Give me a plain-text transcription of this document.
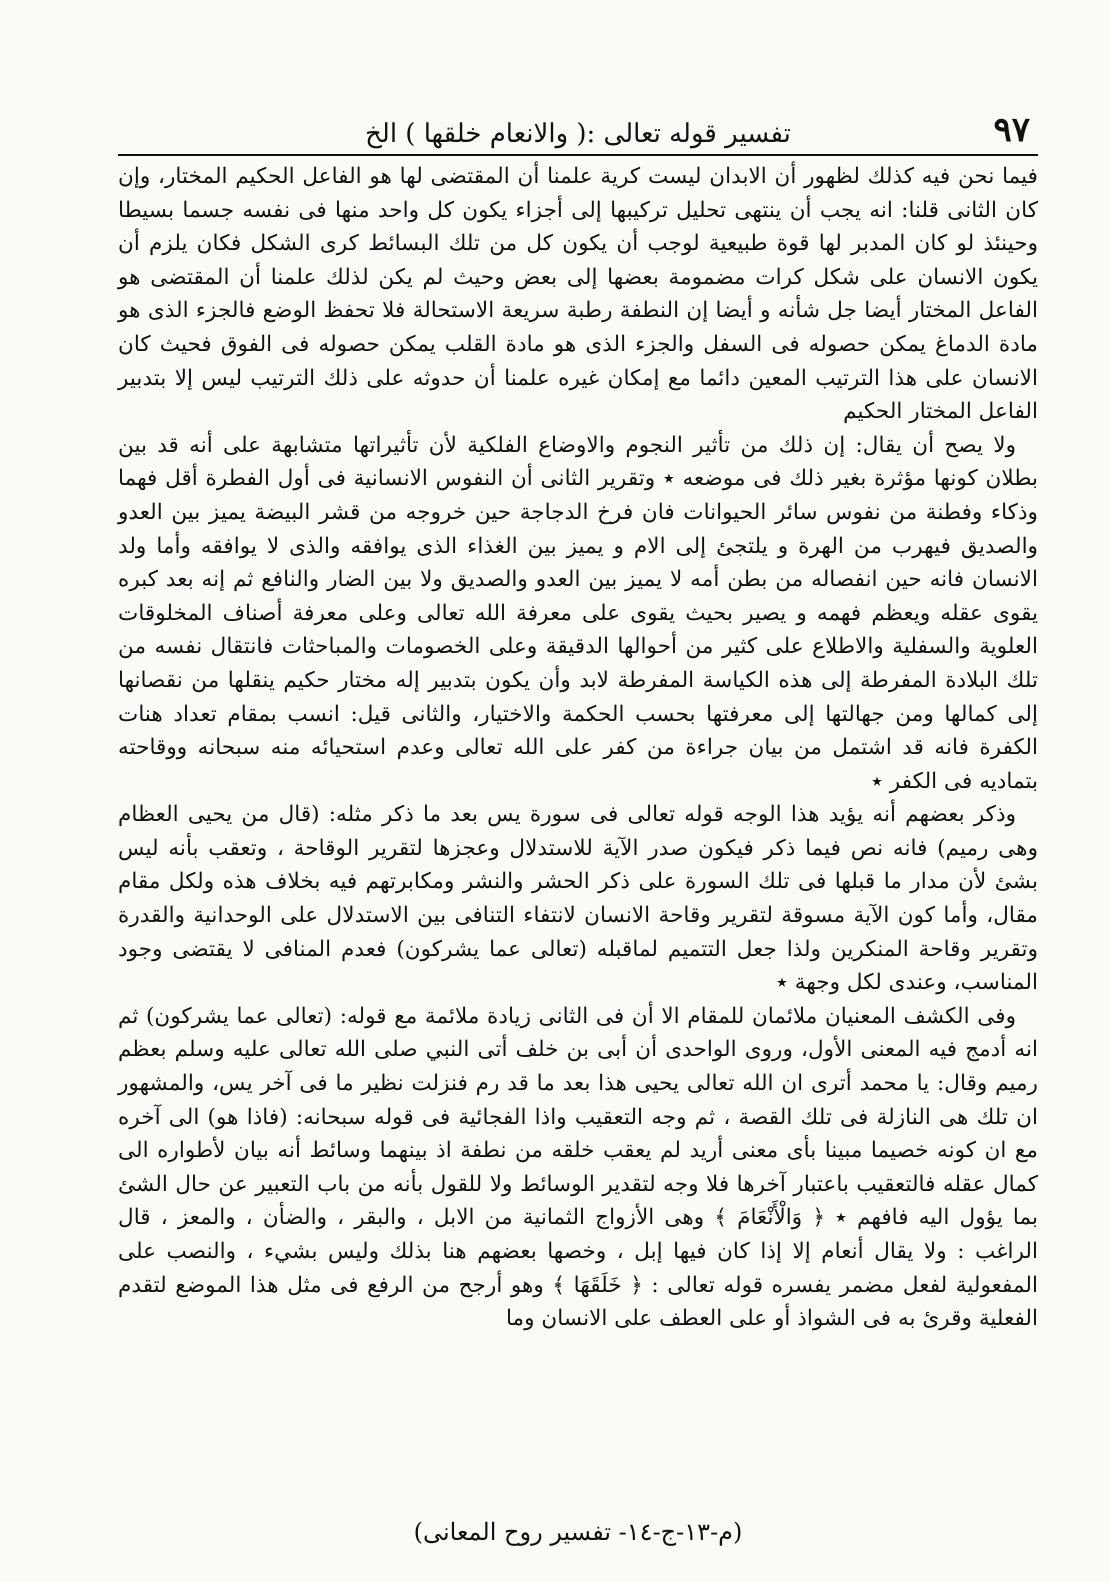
٩٧
تفسير قوله تعالى :( والانعام خلقها ) الخ

فيما نحن فيه كذلك لظهور أن الابدان ليست كرية علمنا أن المقتضى لها هو الفاعل الحكيم المختار، وإن كان الثانى قلنا: انه يجب أن ينتهى تحليل تركيبها إلى أجزاء يكون كل واحد منها فى نفسه جسما بسيطا وحينئذ لو كان المدبر لها قوة طبيعية لوجب أن يكون كل من تلك البسائط كرى الشكل فكان يلزم أن يكون الانسان على شكل كرات مضمومة بعضها إلى بعض وحيث لم يكن لذلك علمنا أن المقتضى هو الفاعل المختار أيضا جل شأنه و أيضا إن النطفة رطبة سريعة الاستحالة فلا تحفظ الوضع فالجزء الذى هو مادة الدماغ يمكن حصوله فى السفل والجزء الذى هو مادة القلب يمكن حصوله فى الفوق فحيث كان الانسان على هذا الترتيب المعين دائما مع إمكان غيره علمنا أن حدوثه على ذلك الترتيب ليس إلا بتدبير الفاعل المختار الحكيم

ولا يصح أن يقال: إن ذلك من تأثير النجوم والاوضاع الفلكية لأن تأثيراتها متشابهة على أنه قد بين بطلان كونها مؤثرة بغير ذلك فى موضعه ٭ وتقرير الثانى أن النفوس الانسانية فى أول الفطرة أقل فهما وذكاء وفطنة من نفوس سائر الحيوانات فان فرخ الدجاجة حين خروجه من قشر البيضة يميز بين العدو والصديق فيهرب من الهرة و يلتجئ إلى الام و يميز بين الغذاء الذى يوافقه والذى لا يوافقه وأما ولد الانسان فانه حين انفصاله من بطن أمه لا يميز بين العدو والصديق ولا بين الضار والنافع ثم إنه بعد كبره يقوى عقله ويعظم فهمه و يصير بحيث يقوى على معرفة الله تعالى وعلى معرفة أصناف المخلوقات العلوية والسفلية والاطلاع على كثير من أحوالها الدقيقة وعلى الخصومات والمباحثات فانتقال نفسه من تلك البلادة المفرطة إلى هذه الكياسة المفرطة لابد وأن يكون بتدبير إله مختار حكيم ينقلها من نقصانها إلى كمالها ومن جهالتها إلى معرفتها بحسب الحكمة والاختيار، والثانى قيل: انسب بمقام تعداد هنات الكفرة فانه قد اشتمل من بيان جراءة من كفر على الله تعالى وعدم استحيائه منه سبحانه ووقاحته بتماديه فى الكفر ٭

وذكر بعضهم أنه يؤيد هذا الوجه قوله تعالى فى سورة يس بعد ما ذكر مثله: (قال من يحيى العظام وهى رميم) فانه نص فيما ذكر فيكون صدر الآية للاستدلال وعجزها لتقرير الوقاحة ، وتعقب بأنه ليس بشئ لأن مدار ما قبلها فى تلك السورة على ذكر الحشر والنشر ومكابرتهم فيه بخلاف هذه ولكل مقام مقال، وأما كون الآية مسوقة لتقرير وقاحة الانسان لانتفاء التنافى بين الاستدلال على الوحدانية والقدرة وتقرير وقاحة المنكرين ولذا جعل التتميم لماقبله (تعالى عما يشركون) فعدم المنافى لا يقتضى وجود المناسب، وعندى لكل وجهة ٭

وفى الكشف المعنيان ملائمان للمقام الا أن فى الثانى زيادة ملائمة مع قوله: (تعالى عما يشركون) ثم انه أدمج فيه المعنى الأول، وروى الواحدى أن أبى بن خلف أتى النبي صلى الله تعالى عليه وسلم بعظم رميم وقال: يا محمد أترى ان الله تعالى يحيى هذا بعد ما قد رم فنزلت نظير ما فى آخر يس، والمشهور ان تلك هى النازلة فى تلك القصة ، ثم وجه التعقيب واذا الفجائية فى قوله سبحانه: (فاذا هو) الى آخره مع ان كونه خصيما مبينا بأى معنى أريد لم يعقب خلقه من نطفة اذ بينهما وسائط أنه بيان لأطواره الى كمال عقله فالتعقيب باعتبار آخرها فلا وجه لتقدير الوسائط ولا للقول بأنه من باب التعبير عن حال الشئ بما يؤول اليه فافهم ٭ ﴿ وَالْأَنْعَامَ ﴾ وهى الأزواج الثمانية من الابل ، والبقر ، والضأن ، والمعز ، قال الراغب : ولا يقال أنعام إلا إذا كان فيها إبل ، وخصها بعضهم هنا بذلك وليس بشيء ، والنصب على المفعولية لفعل مضمر يفسره قوله تعالى : ﴿ خَلَقَهَا ﴾ وهو أرجح من الرفع فى مثل هذا الموضع لتقدم الفعلية وقرئ به فى الشواذ أو على العطف على الانسان وما

(م-١٣-ج-١٤- تفسير روح المعانى)
